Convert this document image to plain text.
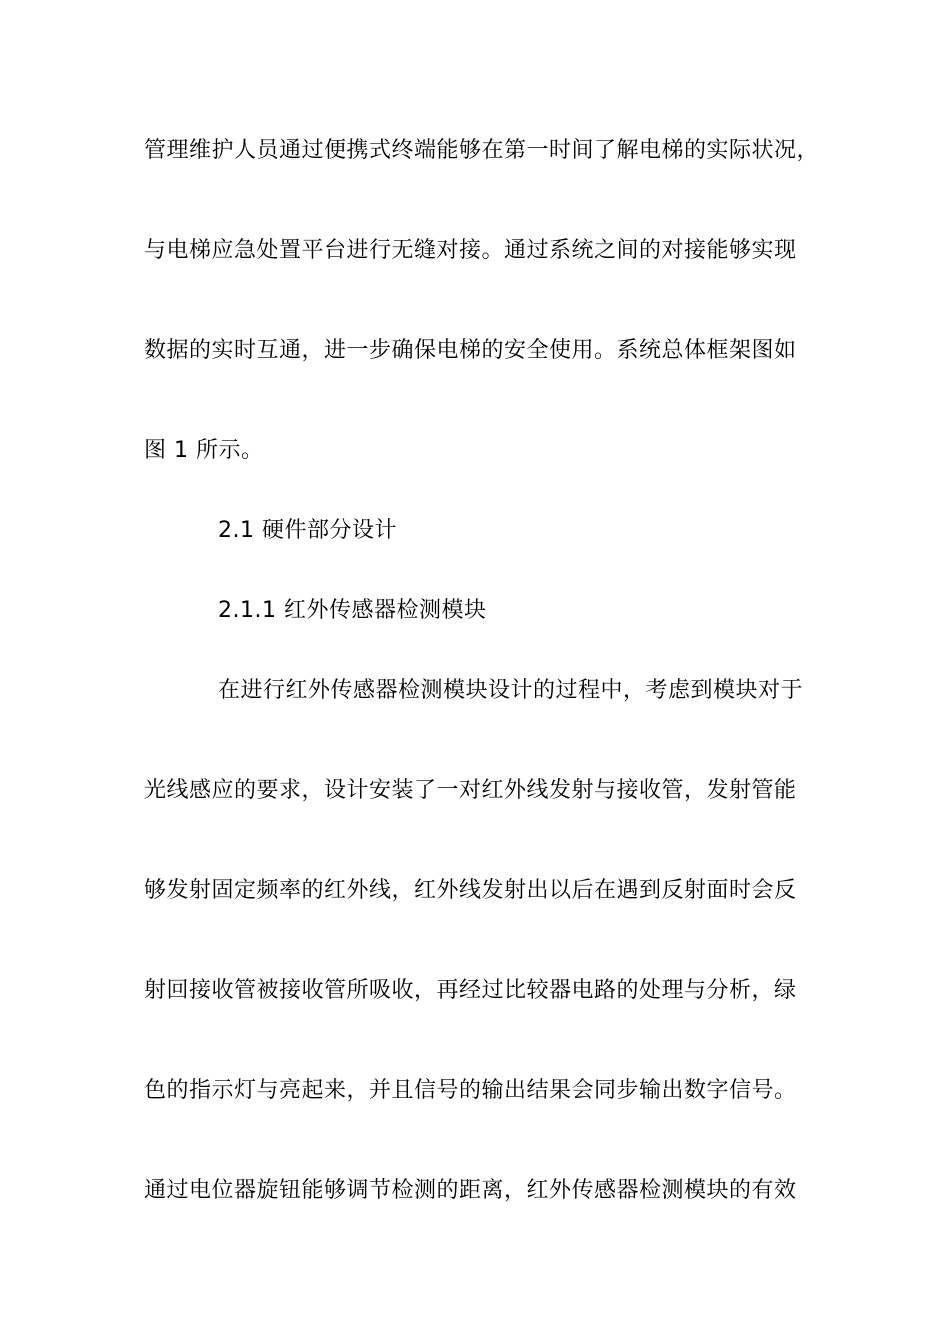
管理维护人员通过便携式终端能够在第一时间了解电梯的实际状况，
与电梯应急处置平台进行无缝对接。通过系统之间的对接能够实现
数据的实时互通，进一步确保电梯的安全使用。系统总体框架图如
图 1 所示。
2.1 硬件部分设计
2.1.1 红外传感器检测模块
在进行红外传感器检测模块设计的过程中，考虑到模块对于
光线感应的要求，设计安装了一对红外线发射与接收管，发射管能
够发射固定频率的红外线，红外线发射出以后在遇到反射面时会反
射回接收管被接收管所吸收，再经过比较器电路的处理与分析，绿
色的指示灯与亮起来，并且信号的输出结果会同步输出数字信号。
通过电位器旋钮能够调节检测的距离，红外传感器检测模块的有效
